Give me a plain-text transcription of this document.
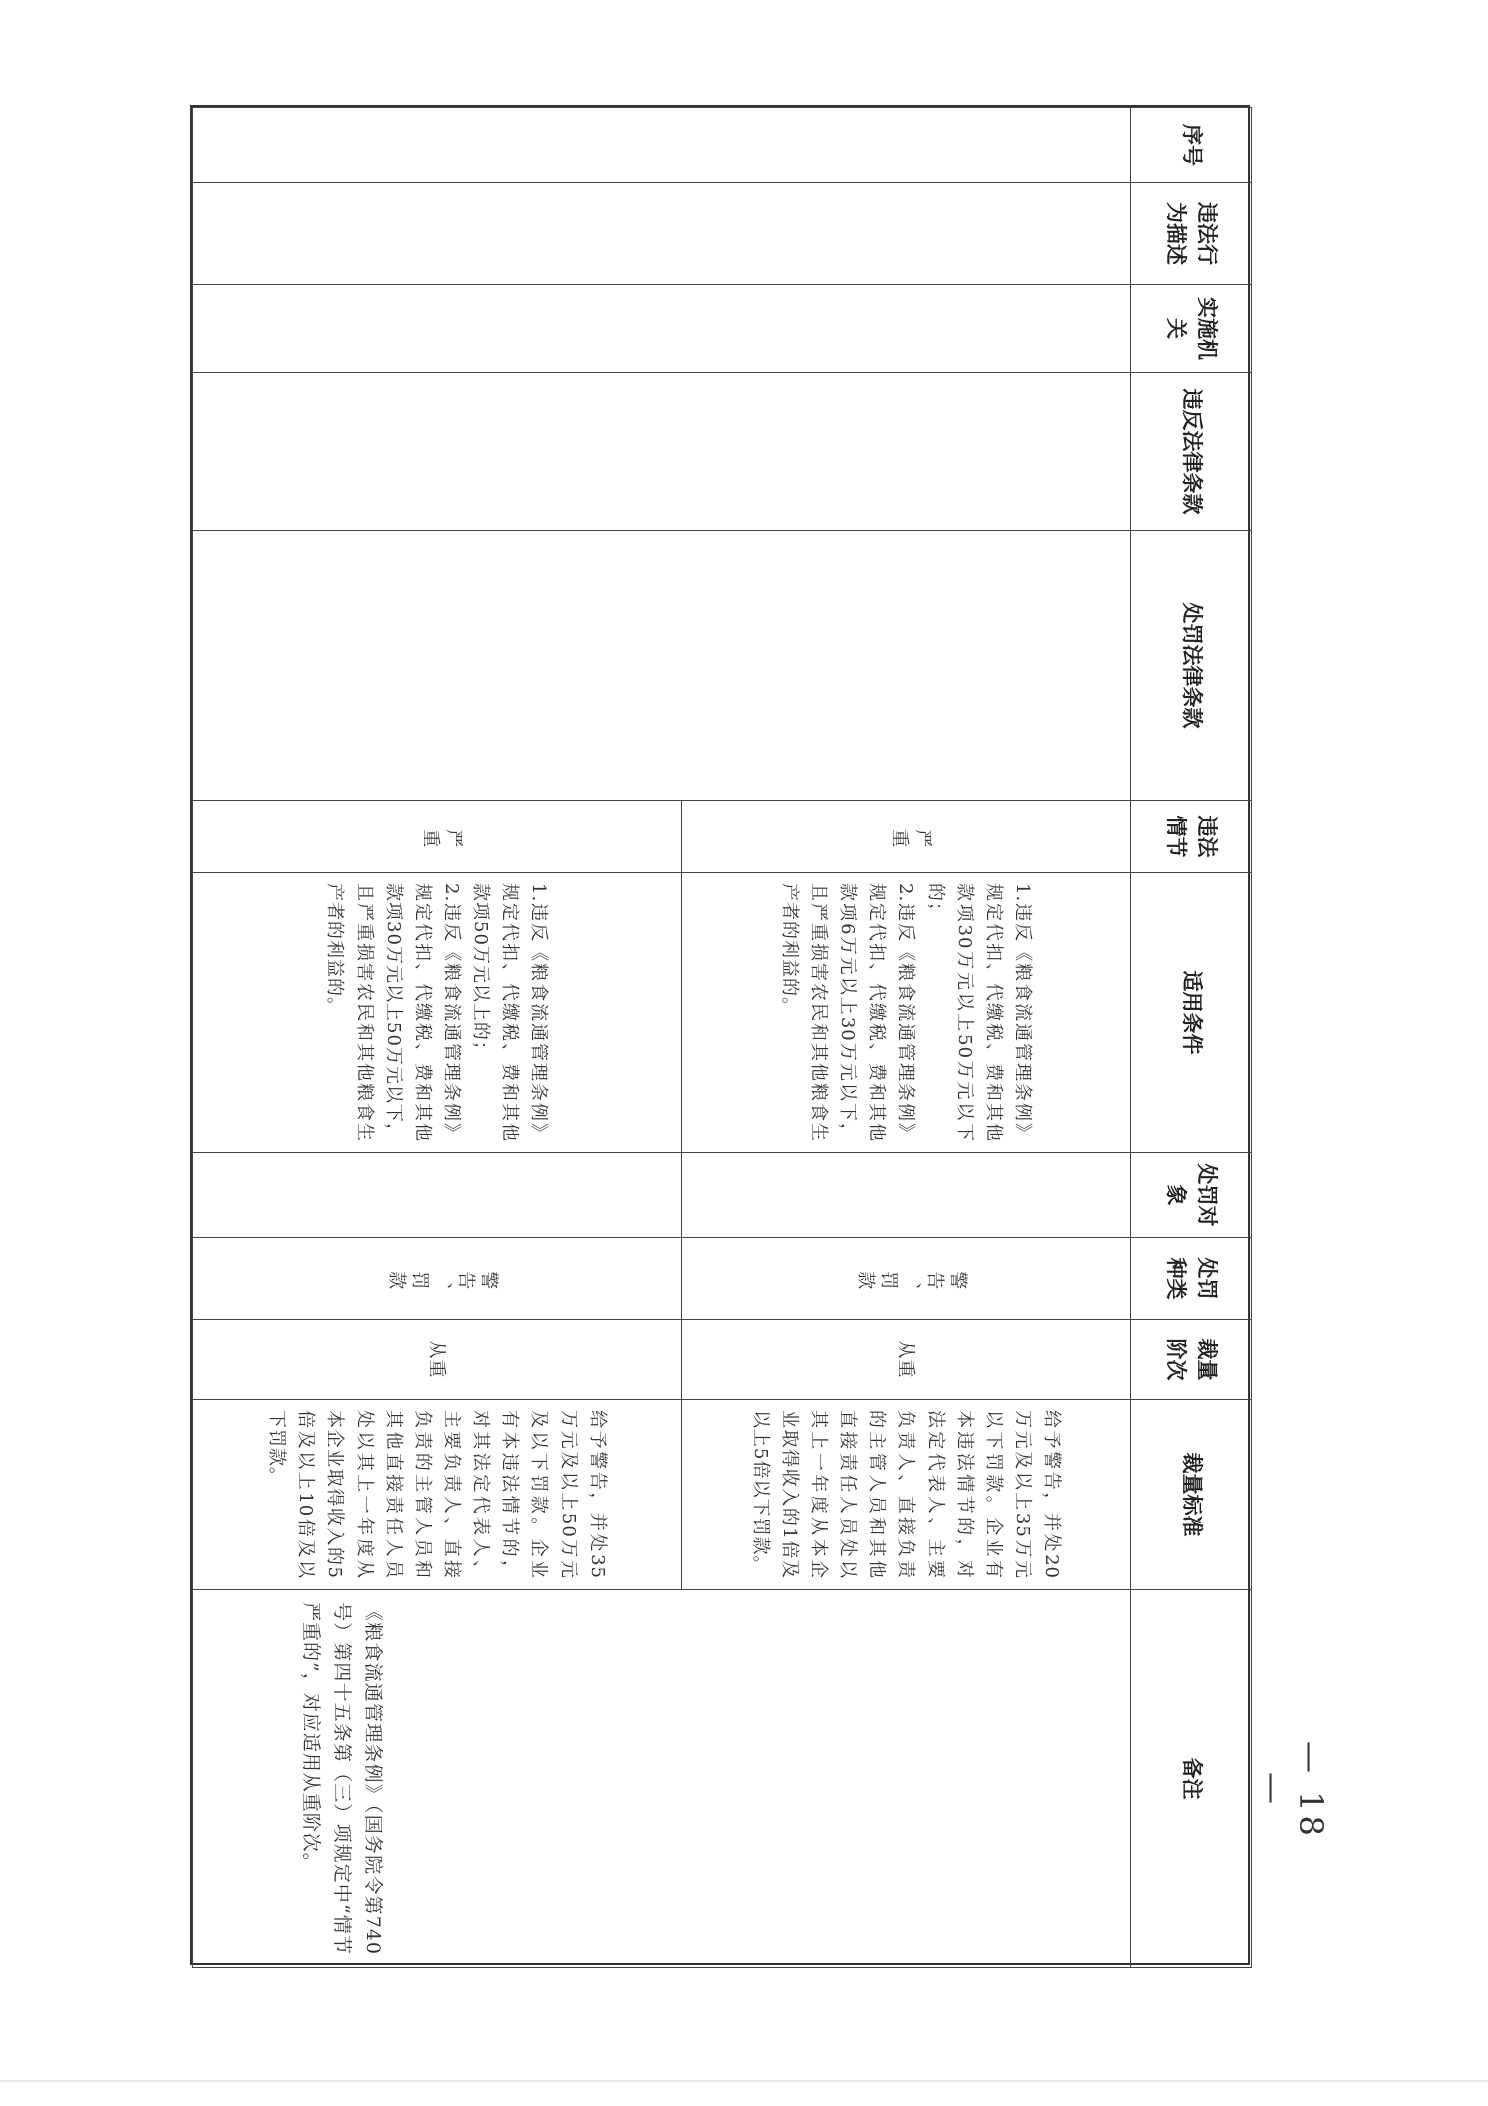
序号	违法行为描述	实施机关	违反法律条款	处罚法律条款	违法情节	适用条件	处罚对象	处罚种类	裁量阶次	裁量标准	备注
					严重	1.违反《粮食流通管理条例》规定代扣、代缴税、费和其他款项30万元以上50万元以下的；
2.违反《粮食流通管理条例》规定代扣、代缴税、费和其他款项6万元以上30万元以下，且严重损害农民和其他粮食生产者的利益的。		警告、罚款	从重	给予警告，并处20万元及以上35万元以下罚款。企业有本违法情节的，对法定代表人、主要负责人、直接负责的主管人员和其他直接责任人员处以其上一年度从本企业取得收入的1倍及以上5倍以下罚款。	《粮食流通管理条例》（国务院令第740号）第四十五条第（三）项规定中“情节严重的”，对应适用从重阶次。

					严重	1.违反《粮食流通管理条例》规定代扣、代缴税、费和其他款项50万元以上的；
2.违反《粮食流通管理条例》规定代扣、代缴税、费和其他款项30万元以上50万元以下，且严重损害农民和其他粮食生产者的利益的。		警告、罚款	从重	给予警告，并处35万元及以上50万元及以下罚款。企业有本违法情节的，对其法定代表人、主要负责人、直接负责的主管人员和其他直接责任人员处以其上一年度从本企业取得收入的5倍及以上10倍及以下罚款。	
— 18 —
